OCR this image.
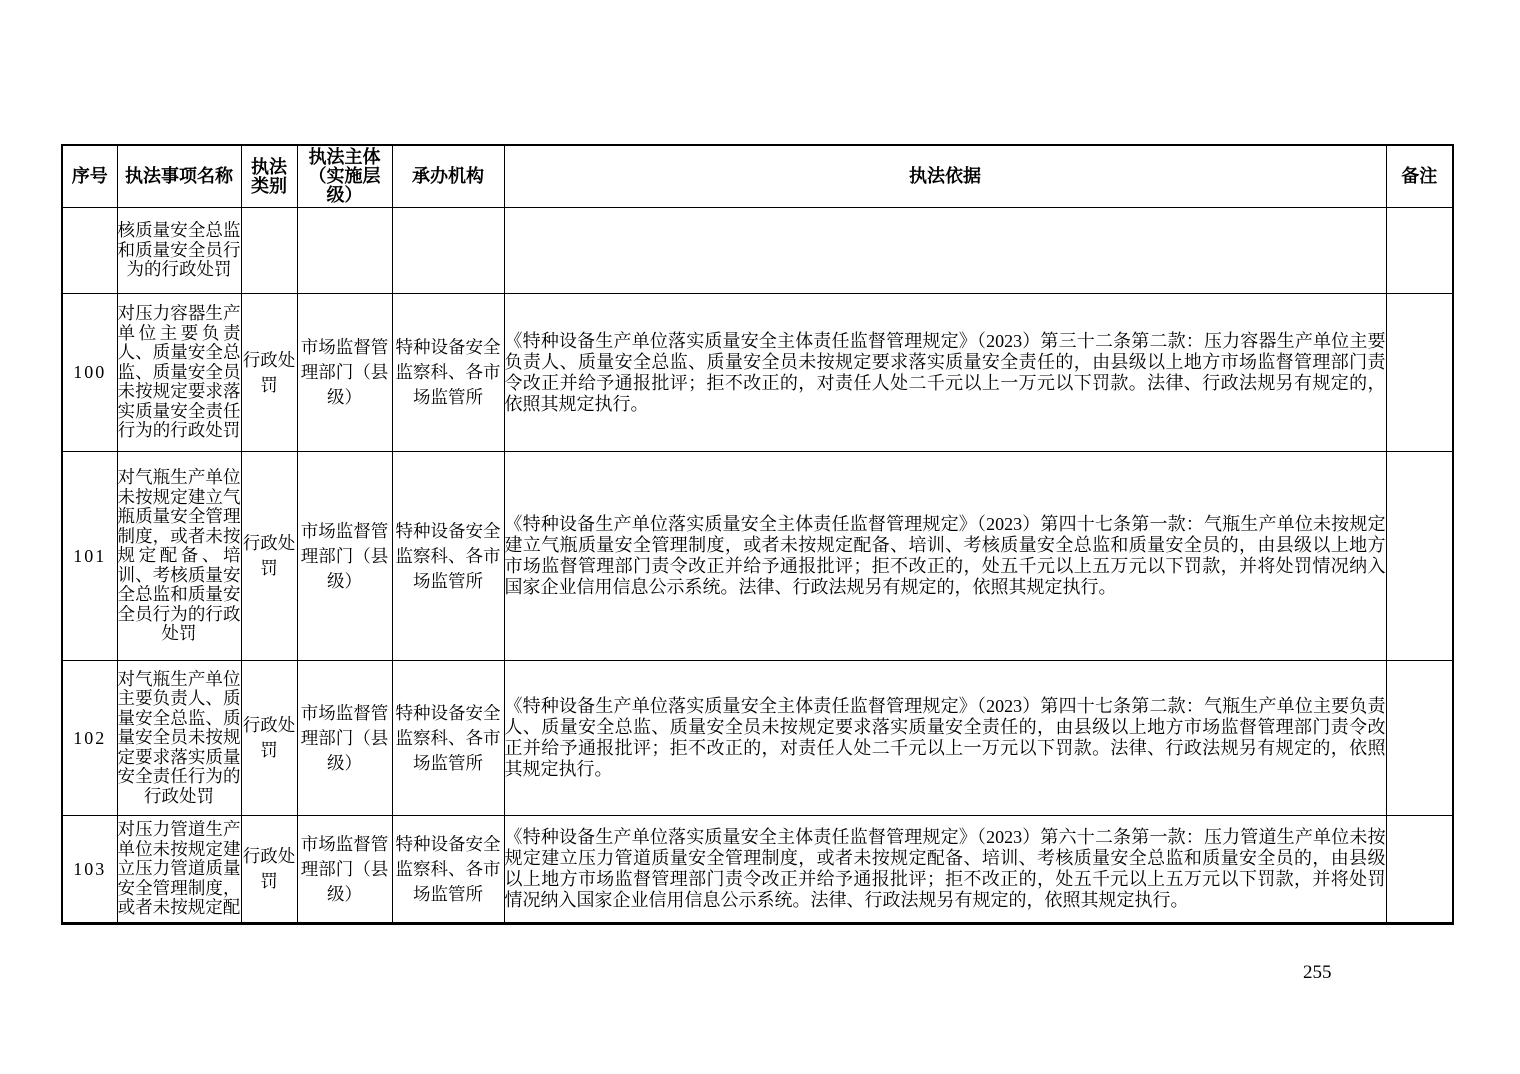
序号	执法事项名称	执法类别	执法主体（实施层级）	承办机构	执法依据	备注
	核质量安全总监和质量安全员行为的行政处罚					
100	对压力容器生产单位主要负责人、质量安全总监、质量安全员未按规定要求落实质量安全责任行为的行政处罚	行政处罚	市场监督管理部门（县级）	特种设备安全监察科、各市场监管所	《特种设备生产单位落实质量安全主体责任监督管理规定》（2023）第三十二条第二款：压力容器生产单位主要负责人、质量安全总监、质量安全员未按规定要求落实质量安全责任的，由县级以上地方市场监督管理部门责令改正并给予通报批评；拒不改正的，对责任人处二千元以上一万元以下罚款。法律、行政法规另有规定的，依照其规定执行。	
101	对气瓶生产单位未按规定建立气瓶质量安全管理制度，或者未按规定配备、培训、考核质量安全总监和质量安全员行为的行政处罚	行政处罚	市场监督管理部门（县级）	特种设备安全监察科、各市场监管所	《特种设备生产单位落实质量安全主体责任监督管理规定》（2023）第四十七条第一款：气瓶生产单位未按规定建立气瓶质量安全管理制度，或者未按规定配备、培训、考核质量安全总监和质量安全员的，由县级以上地方市场监督管理部门责令改正并给予通报批评；拒不改正的，处五千元以上五万元以下罚款，并将处罚情况纳入国家企业信用信息公示系统。法律、行政法规另有规定的，依照其规定执行。	
102	对气瓶生产单位主要负责人、质量安全总监、质量安全员未按规定要求落实质量安全责任行为的行政处罚	行政处罚	市场监督管理部门（县级）	特种设备安全监察科、各市场监管所	《特种设备生产单位落实质量安全主体责任监督管理规定》（2023）第四十七条第二款：气瓶生产单位主要负责人、质量安全总监、质量安全员未按规定要求落实质量安全责任的，由县级以上地方市场监督管理部门责令改正并给予通报批评；拒不改正的，对责任人处二千元以上一万元以下罚款。法律、行政法规另有规定的，依照其规定执行。	
103	对压力管道生产单位未按规定建立压力管道质量安全管理制度，或者未按规定配	行政处罚	市场监督管理部门（县级）	特种设备安全监察科、各市场监管所	《特种设备生产单位落实质量安全主体责任监督管理规定》（2023）第六十二条第一款：压力管道生产单位未按规定建立压力管道质量安全管理制度，或者未按规定配备、培训、考核质量安全总监和质量安全员的，由县级以上地方市场监督管理部门责令改正并给予通报批评；拒不改正的，处五千元以上五万元以下罚款，并将处罚情况纳入国家企业信用信息公示系统。法律、行政法规另有规定的，依照其规定执行。	
255
